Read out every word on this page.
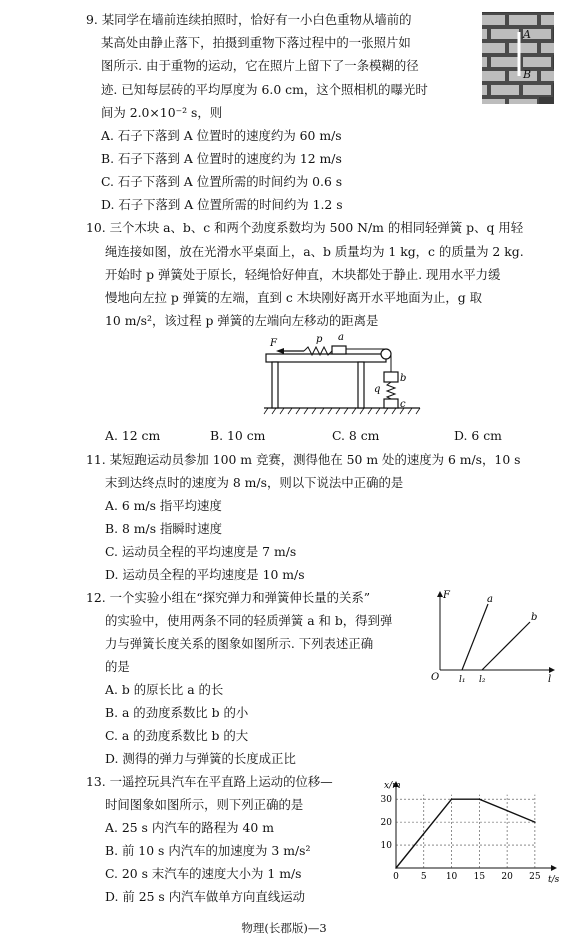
9. 某同学在墙前连续拍照时，恰好有一小白色重物从墙前的
某高处由静止落下，拍摄到重物下落过程中的一张照片如
图所示. 由于重物的运动，它在照片上留下了一条模糊的径
迹. 已知每层砖的平均厚度为 6.0 cm，这个照相机的曝光时
间为 2.0×10⁻² s，则
A. 石子下落到 A 位置时的速度约为 60 m/s
B. 石子下落到 A 位置时的速度约为 12 m/s
C. 石子下落到 A 位置所需的时间约为 0.6 s
D. 石子下落到 A 位置所需的时间约为 1.2 s
A
B
10. 三个木块 a、b、c 和两个劲度系数均为 500 N/m 的相同轻弹簧 p、q 用轻
绳连接如图，放在光滑水平桌面上，a、b 质量均为 1 kg，c 的质量为 2 kg.
开始时 p 弹簧处于原长，轻绳恰好伸直，木块都处于静止. 现用水平力缓
慢地向左拉 p 弹簧的左端，直到 c 木块刚好离开水平地面为止，g 取
10 m/s²，该过程 p 弹簧的左端向左移动的距离是
F	p a
b
q
c
A. 12 cm	B. 10 cm	C. 8 cm	D. 6 cm
11. 某短跑运动员参加 100 m 竞赛，测得他在 50 m 处的速度为 6 m/s，10 s
末到达终点时的速度为 8 m/s，则以下说法中正确的是
A. 6 m/s 指平均速度
B. 8 m/s 指瞬时速度
C. 运动员全程的平均速度是 7 m/s
D. 运动员全程的平均速度是 10 m/s
12. 一个实验小组在“探究弹力和弹簧伸长量的关系”
的实验中，使用两条不同的轻质弹簧 a 和 b，得到弹
力与弹簧长度关系的图象如图所示. 下列表述正确
的是
A. b 的原长比 a 的长
B. a 的劲度系数比 b 的小
C. a 的劲度系数比 b 的大
D. 测得的弹力与弹簧的长度成正比
F
l
O
a
b
l₁ l₂
13. 一遥控玩具汽车在平直路上运动的位移—
时间图象如图所示，则下列正确的是
A. 25 s 内汽车的路程为 40 m
B. 前 10 s 内汽车的加速度为 3 m/s²
C. 20 s 末汽车的速度大小为 1 m/s
D. 前 25 s 内汽车做单方向直线运动
10
20
30
0 5 10 15 20 25
x/m
t/s
物理(长郡版)—3
